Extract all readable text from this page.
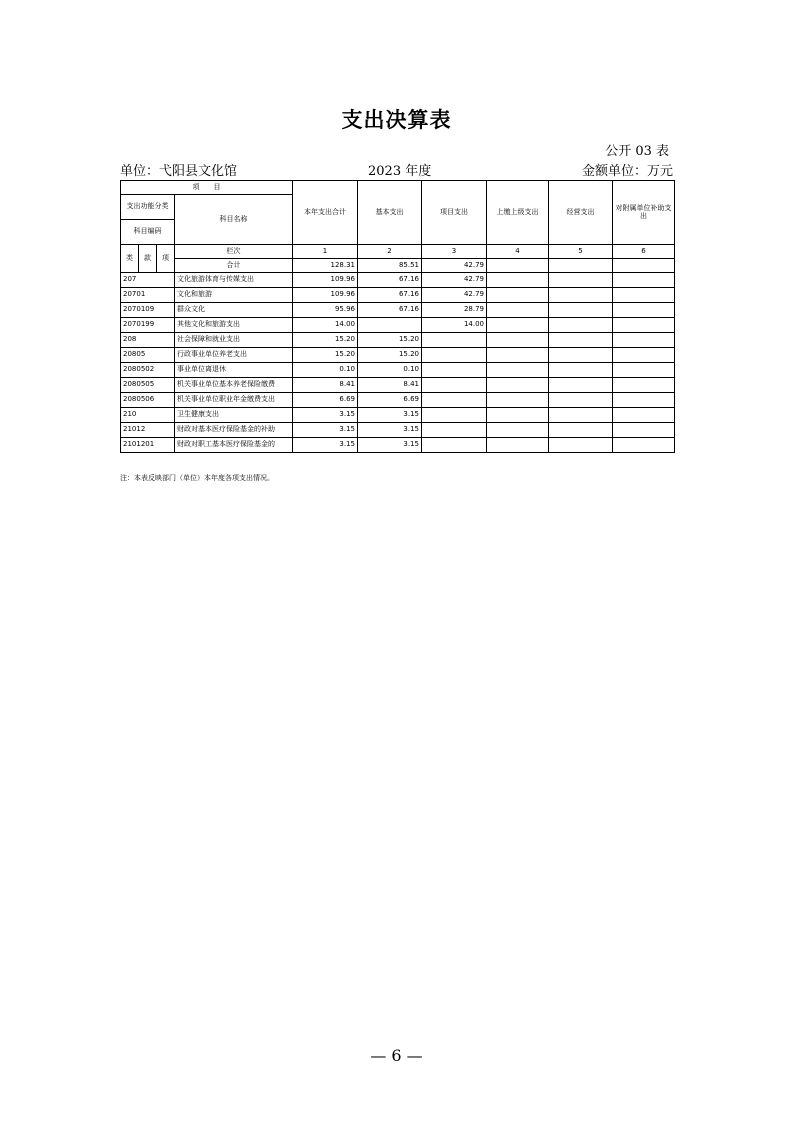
支出决算表
公开 03 表
单位：弋阳县文化馆	2023 年度	金额单位：万元
项　　目				本年支出合计	基本支出	项目支出	上缴上级支出	经营支出	对附属单位补助支出
支出功能分类			科目名称						
科目编码									
类	款	项	栏次	1	2	3	4	5	6
			合计	128.31	85.51	42.79			
207			文化旅游体育与传媒支出	109.96	67.16	42.79			
20701			文化和旅游	109.96	67.16	42.79			
2070109			群众文化	95.96	67.16	28.79			
2070199			其他文化和旅游支出	14.00		14.00			
208			社会保障和就业支出	15.20	15.20				
20805			行政事业单位养老支出	15.20	15.20				
2080502			事业单位离退休	0.10	0.10				
2080505			机关事业单位基本养老保险缴费	8.41	8.41				
2080506			机关事业单位职业年金缴费支出	6.69	6.69				
210			卫生健康支出	3.15	3.15				
21012			财政对基本医疗保险基金的补助	3.15	3.15				
2101201			财政对职工基本医疗保险基金的	3.15	3.15				
注：本表反映部门（单位）本年度各项支出情况。
— 6 —
